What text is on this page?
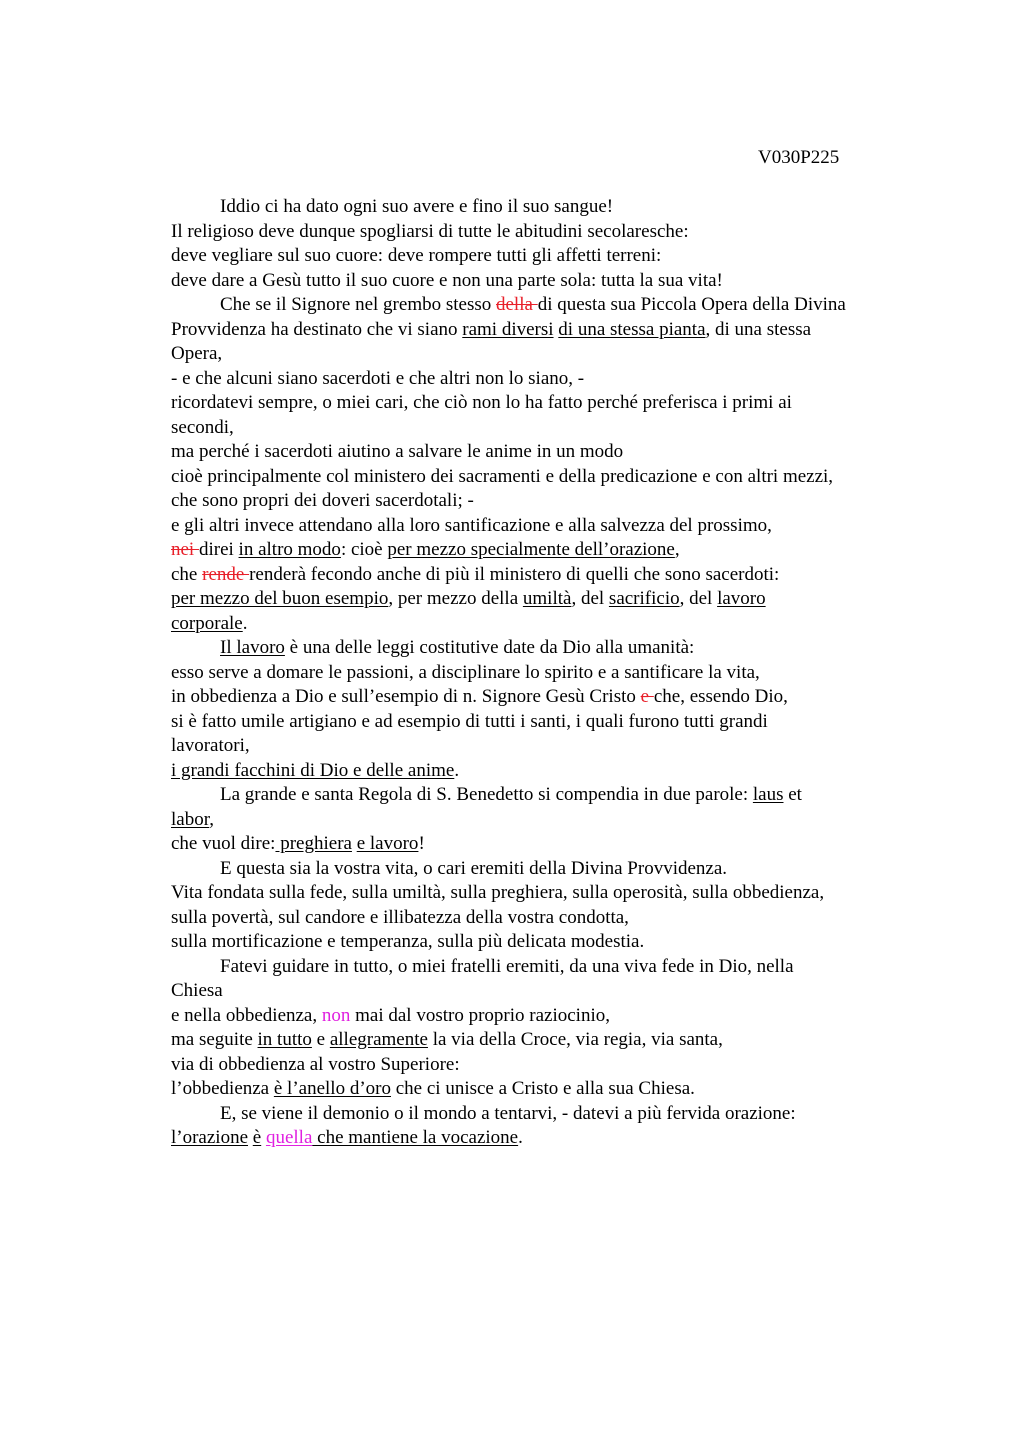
V030P225
Iddio ci ha dato ogni suo avere e fino il suo sangue!
Il religioso deve dunque spogliarsi di tutte le abitudini secolaresche:
deve vegliare sul suo cuore: deve rompere tutti gli affetti terreni:
deve dare a Gesù tutto il suo cuore e non una parte sola: tutta la sua vita!
Che se il Signore nel grembo stesso della di questa sua Piccola Opera della Divina
Provvidenza ha destinato che vi siano rami diversi di una stessa pianta, di una stessa
Opera,
- e che alcuni siano sacerdoti e che altri non lo siano, -
ricordatevi sempre, o miei cari, che ciò non lo ha fatto perché preferisca i primi ai
secondi,
ma perché i sacerdoti aiutino a salvare le anime in un modo
cioè principalmente col ministero dei sacramenti e della predicazione e con altri mezzi,
che sono propri dei doveri sacerdotali; -
e gli altri invece attendano alla loro santificazione e alla salvezza del prossimo,
nei direi in altro modo: cioè per mezzo specialmente dell’orazione,
che rende renderà fecondo anche di più il ministero di quelli che sono sacerdoti:
per mezzo del buon esempio, per mezzo della umiltà, del sacrificio, del lavoro
corporale.
Il lavoro è una delle leggi costitutive date da Dio alla umanità:
esso serve a domare le passioni, a disciplinare lo spirito e a santificare la vita,
in obbedienza a Dio e sull’esempio di n. Signore Gesù Cristo e che, essendo Dio,
si è fatto umile artigiano e ad esempio di tutti i santi, i quali furono tutti grandi
lavoratori,
i grandi facchini di Dio e delle anime.
La grande e santa Regola di S. Benedetto si compendia in due parole: laus et
labor,
che vuol dire: preghiera e lavoro!
E questa sia la vostra vita, o cari eremiti della Divina Provvidenza.
Vita fondata sulla fede, sulla umiltà, sulla preghiera, sulla operosità, sulla obbedienza,
sulla povertà, sul candore e illibatezza della vostra condotta,
sulla mortificazione e temperanza, sulla più delicata modestia.
Fatevi guidare in tutto, o miei fratelli eremiti, da una viva fede in Dio, nella
Chiesa
e nella obbedienza, non mai dal vostro proprio raziocinio,
ma seguite in tutto e allegramente la via della Croce, via regia, via santa,
via di obbedienza al vostro Superiore:
l’obbedienza è l’anello d’oro che ci unisce a Cristo e alla sua Chiesa.
E, se viene il demonio o il mondo a tentarvi, - datevi a più fervida orazione:
l’orazione è quella che mantiene la vocazione.
